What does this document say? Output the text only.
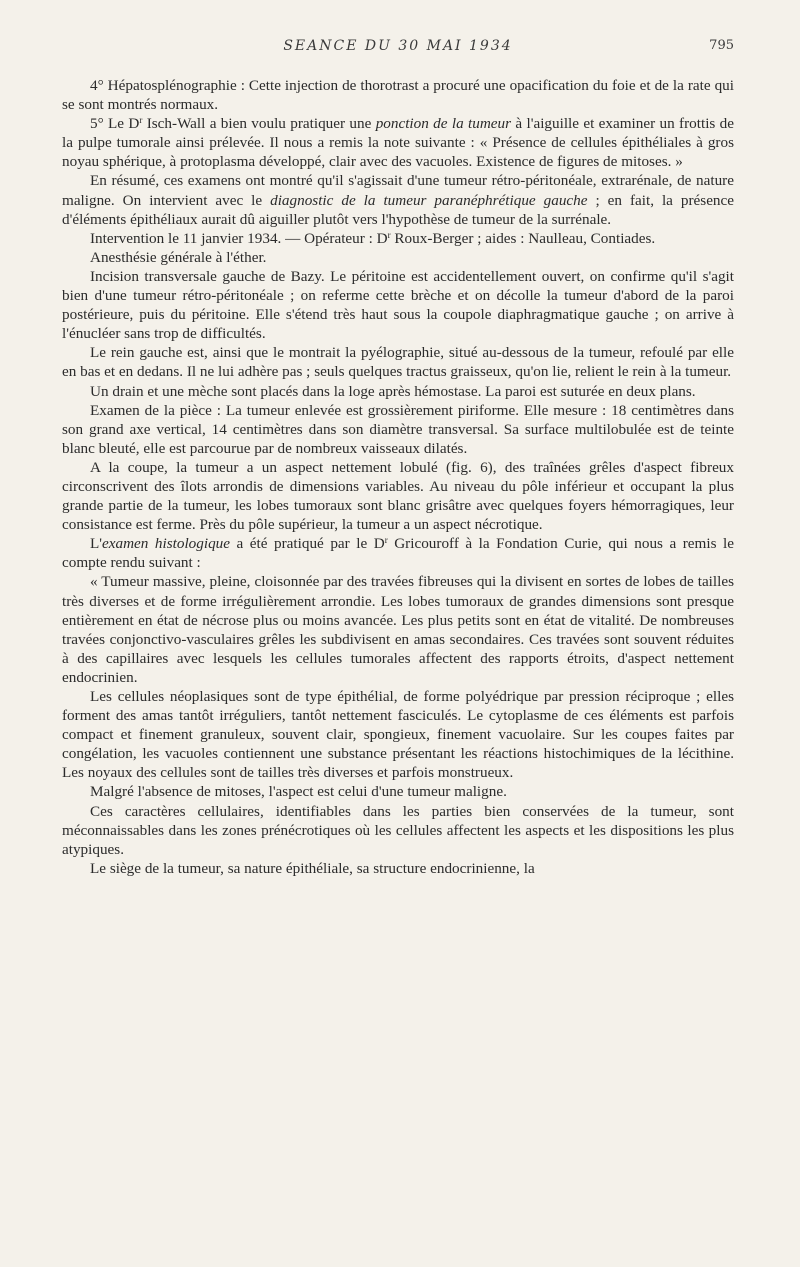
SEANCE DU 30 MAI 1934	795

4° Hépatosplénographie : Cette injection de thorotrast a procuré une opacification du foie et de la rate qui se sont montrés normaux.

5° Le $D^r$ Isch-Wall a bien voulu pratiquer une ponction de la tumeur à l'aiguille et examiner un frottis de la pulpe tumorale ainsi prélevée. Il nous a remis la note suivante : « Présence de cellules épithéliales à gros noyau sphérique, à protoplasma développé, clair avec des vacuoles. Existence de figures de mitoses. »

En résumé, ces examens ont montré qu'il s'agissait d'une tumeur rétro-péritonéale, extrarénale, de nature maligne. On intervient avec le diagnostic de la tumeur paranéphrétique gauche ; en fait, la présence d'éléments épithéliaux aurait dû aiguiller plutôt vers l'hypothèse de tumeur de la surrénale.

Intervention le 11 janvier 1934. — Opérateur : $D^r$ Roux-Berger ; aides : Naulleau, Contiades.

Anesthésie générale à l'éther.

Incision transversale gauche de Bazy. Le péritoine est accidentellement ouvert, on confirme qu'il s'agit bien d'une tumeur rétro-péritonéale ; on referme cette brèche et on décolle la tumeur d'abord de la paroi postérieure, puis du péritoine. Elle s'étend très haut sous la coupole diaphragmatique gauche ; on arrive à l'énucléer sans trop de difficultés.

Le rein gauche est, ainsi que le montrait la pyélographie, situé au-dessous de la tumeur, refoulé par elle en bas et en dedans. Il ne lui adhère pas ; seuls quelques tractus graisseux, qu'on lie, relient le rein à la tumeur.

Un drain et une mèche sont placés dans la loge après hémostase. La paroi est suturée en deux plans.

Examen de la pièce : La tumeur enlevée est grossièrement piriforme. Elle mesure : 18 centimètres dans son grand axe vertical, 14 centimètres dans son diamètre transversal. Sa surface multilobulée est de teinte blanc bleuté, elle est parcourue par de nombreux vaisseaux dilatés.

A la coupe, la tumeur a un aspect nettement lobulé (fig. 6), des traînées grêles d'aspect fibreux circonscrivent des îlots arrondis de dimensions variables. Au niveau du pôle inférieur et occupant la plus grande partie de la tumeur, les lobes tumoraux sont blanc grisâtre avec quelques foyers hémorragiques, leur consistance est ferme. Près du pôle supérieur, la tumeur a un aspect nécrotique.

L'examen histologique a été pratiqué par le $D^r$ Gricouroff à la Fondation Curie, qui nous a remis le compte rendu suivant :

« Tumeur massive, pleine, cloisonnée par des travées fibreuses qui la divisent en sortes de lobes de tailles très diverses et de forme irrégulièrement arrondie. Les lobes tumoraux de grandes dimensions sont presque entièrement en état de nécrose plus ou moins avancée. Les plus petits sont en état de vitalité. De nombreuses travées conjonctivo-vasculaires grêles les subdivisent en amas secondaires. Ces travées sont souvent réduites à des capillaires avec lesquels les cellules tumorales affectent des rapports étroits, d'aspect nettement endocrinien.

Les cellules néoplasiques sont de type épithélial, de forme polyédrique par pression réciproque ; elles forment des amas tantôt irréguliers, tantôt nettement fasciculés. Le cytoplasme de ces éléments est parfois compact et finement granuleux, souvent clair, spongieux, finement vacuolaire. Sur les coupes faites par congélation, les vacuoles contiennent une substance présentant les réactions histochimiques de la lécithine. Les noyaux des cellules sont de tailles très diverses et parfois monstrueux.

Malgré l'absence de mitoses, l'aspect est celui d'une tumeur maligne.

Ces caractères cellulaires, identifiables dans les parties bien conservées de la tumeur, sont méconnaissables dans les zones prénécrotiques où les cellules affectent les aspects et les dispositions les plus atypiques.

Le siège de la tumeur, sa nature épithéliale, sa structure endocrinienne, la
